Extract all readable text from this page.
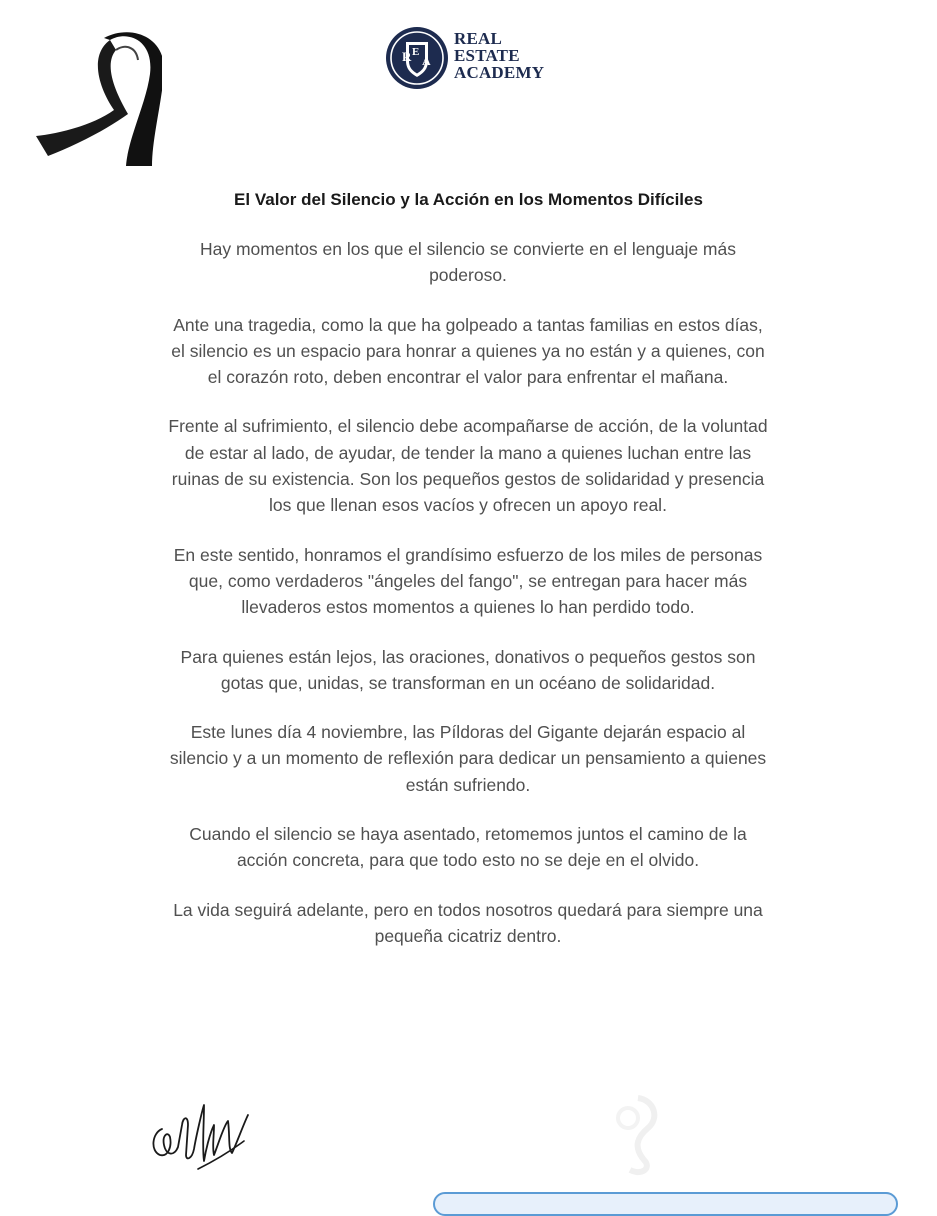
R E
A
REAL
ESTATE
ACADEMY
El Valor del Silencio y la Acción en los Momentos Difíciles

Hay momentos en los que el silencio se convierte en el lenguaje más poderoso.

Ante una tragedia, como la que ha golpeado a tantas familias en estos días, el silencio es un espacio para honrar a quienes ya no están y a quienes, con el corazón roto, deben encontrar el valor para enfrentar el mañana.

Frente al sufrimiento, el silencio debe acompañarse de acción, de la voluntad de estar al lado, de ayudar, de tender la mano a quienes luchan entre las ruinas de su existencia. Son los pequeños gestos de solidaridad y presencia los que llenan esos vacíos y ofrecen un apoyo real.

En este sentido, honramos el grandísimo esfuerzo de los miles de personas que, como verdaderos "ángeles del fango", se entregan para hacer más llevaderos estos momentos a quienes lo han perdido todo.

Para quienes están lejos, las oraciones, donativos o pequeños gestos son gotas que, unidas, se transforman en un océano de solidaridad.

Este lunes día 4 noviembre, las Píldoras del Gigante dejarán espacio al silencio y a un momento de reflexión para dedicar un pensamiento a quienes están sufriendo.

Cuando el silencio se haya asentado, retomemos juntos el camino de la acción concreta, para que todo esto no se deje en el olvido.

La vida seguirá adelante, pero en todos nosotros quedará para siempre una pequeña cicatriz dentro.
